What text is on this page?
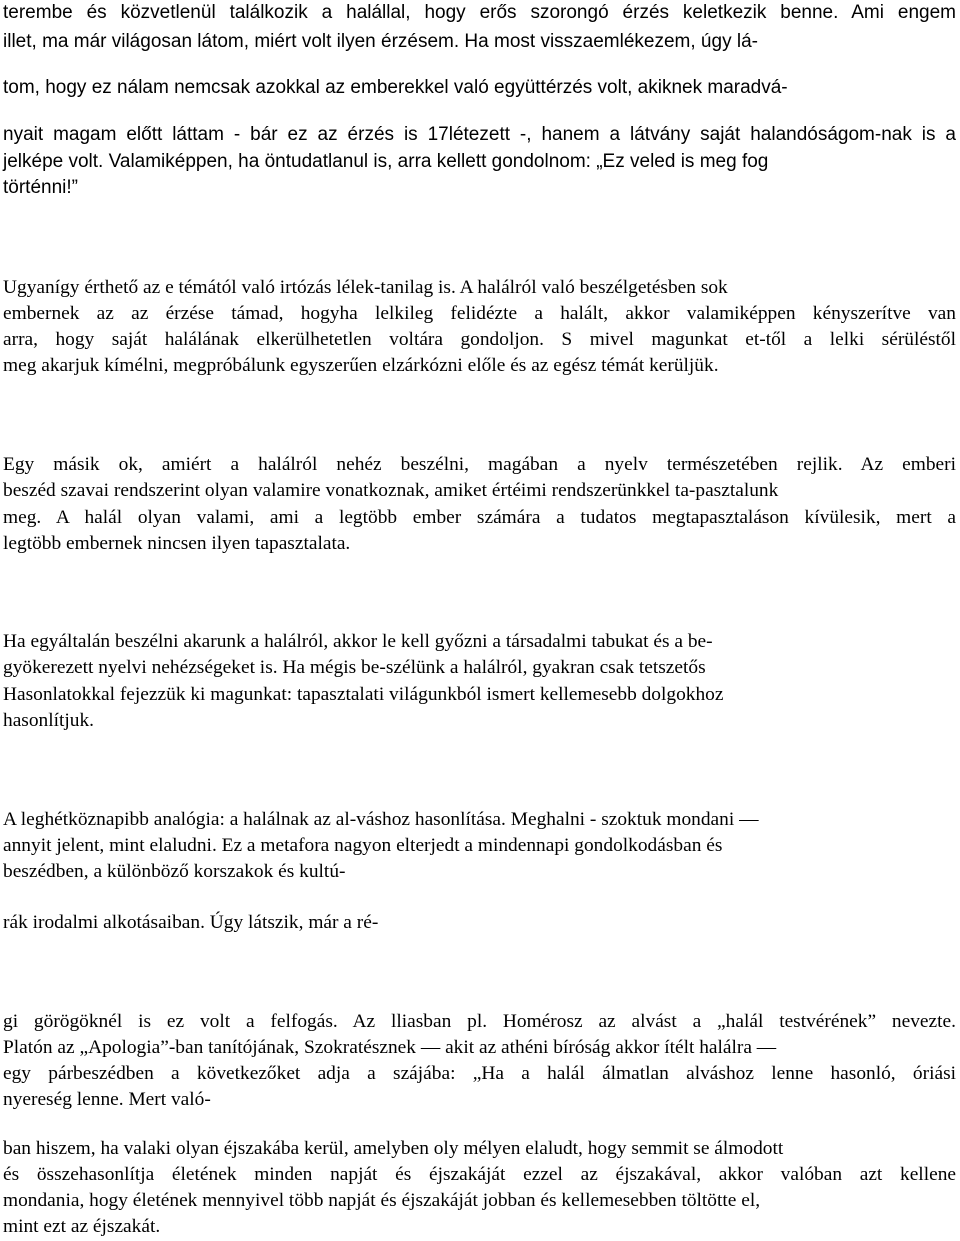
terembe és közvetlenül találkozik a halállal, hogy erős szorongó érzés keletkezik benne. Ami engem

illet, ma már világosan látom, miért volt ilyen érzésem. Ha most visszaemlékezem, úgy lá-

tom, hogy ez nálam nemcsak azokkal az emberekkel való együttérzés volt, akiknek maradvá-

nyait magam előtt láttam - bár ez az érzés is 17létezett -, hanem a látvány saját halandóságom-nak is a

jelképe volt. Valamiképpen, ha öntudatlanul is, arra kellett gondolnom: „Ez veled is meg fog

történni!”

Ugyanígy érthető az e témától való irtózás lélek-tanilag is. A halálról való beszélgetésben sok

embernek az az érzése támad, hogyha lelkileg felidézte a halált, akkor valamiképpen kényszerítve van

arra, hogy saját halálának elkerülhetetlen voltára gondoljon. S mivel magunkat et-től a lelki sérüléstől

meg akarjuk kímélni, megpróbálunk egyszerűen elzárkózni előle és az egész témát kerüljük.

Egy másik ok, amiért a halálról nehéz beszélni, magában a nyelv természetében rejlik. Az emberi

beszéd szavai rendszerint olyan valamire vonatkoznak, amiket értéimi rendszerünkkel ta-pasztalunk

meg. A halál olyan valami, ami a legtöbb ember számára a tudatos megtapasztaláson kívülesik, mert a

legtöbb embernek nincsen ilyen tapasztalata.

Ha egyáltalán beszélni akarunk a halálról, akkor le kell győzni a társadalmi tabukat és a be-

gyökerezett nyelvi nehézségeket is. Ha mégis be-szélünk a halálról, gyakran csak tetszetős

Hasonlatokkal fejezzük ki magunkat: tapasztalati világunkból ismert kellemesebb dolgokhoz

hasonlítjuk.

A leghétköznapibb analógia: a halálnak az al-váshoz hasonlítása. Meghalni - szoktuk mondani —

annyit jelent, mint elaludni. Ez a metafora nagyon elterjedt a mindennapi gondolkodásban és

beszédben, a különböző korszakok és kultú-

rák irodalmi alkotásaiban. Úgy látszik, már a ré-

gi görögöknél is ez volt a felfogás. Az lliasban pl. Homérosz az alvást a „halál testvérének” nevezte.

Platón az „Apologia”-ban tanítójának, Szokratésznek — akit az athéni bíróság akkor ítélt halálra —

egy párbeszédben a következőket adja a szájába: „Ha a halál álmatlan alváshoz lenne hasonló, óriási

nyereség lenne. Mert való-

ban hiszem, ha valaki olyan éjszakába kerül, amelyben oly mélyen elaludt, hogy semmit se álmodott

és összehasonlítja életének minden napját és éjszakáját ezzel az éjszakával, akkor valóban azt kellene

mondania, hogy életének mennyivel több napját és éjszakáját jobban és kellemesebben töltötte el,

mint ezt az éjszakát.
